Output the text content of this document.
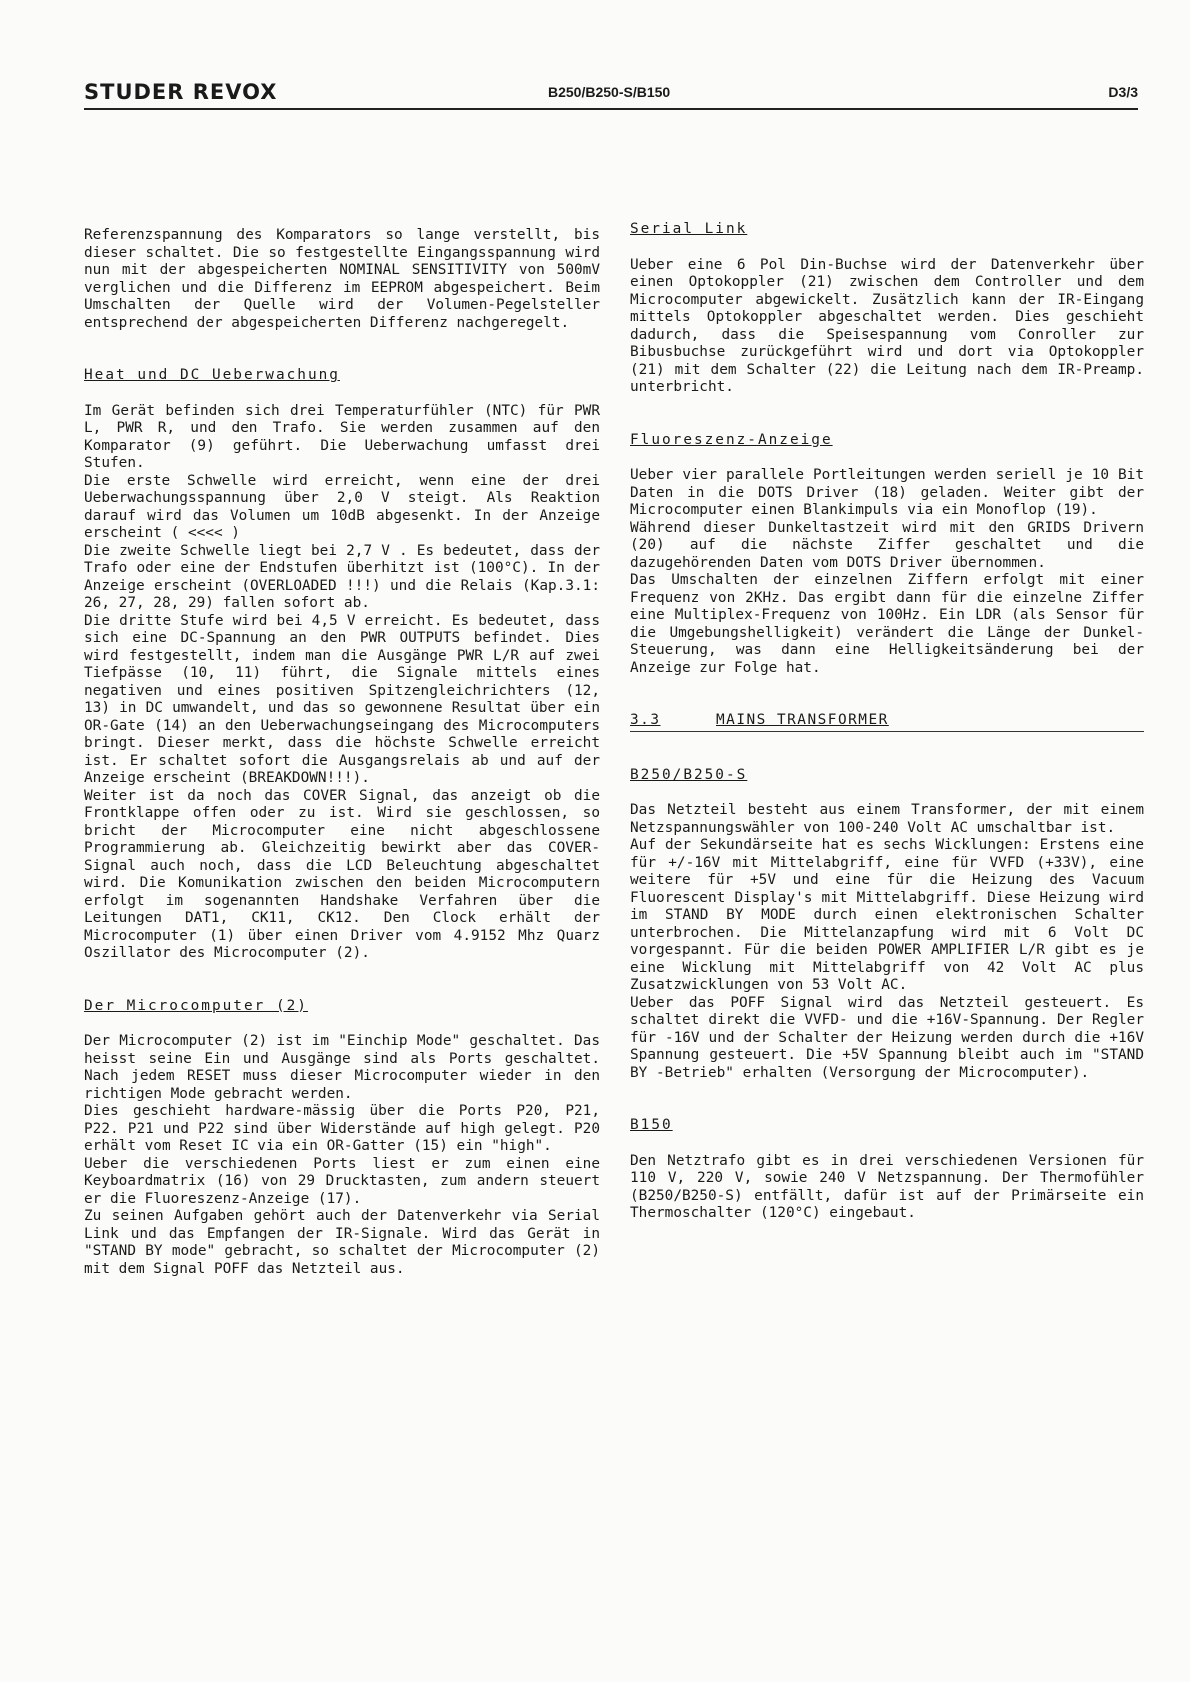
STUDER REVOX	B250/B250-S/B150	D3/3

Referenzspannung des Komparators so lange verstellt, bis dieser schaltet. Die so festgestellte Eingangsspannung wird nun mit der abgespeicherten NOMINAL SENSITIVITY von 500mV verglichen und die Differenz im EEPROM abgespeichert. Beim Umschalten der Quelle wird der Volumen-Pegelsteller entsprechend der abgespeicherten Differenz nachgeregelt.

Heat und DC Ueberwachung

Im Gerät befinden sich drei Temperaturfühler (NTC) für PWR L, PWR R, und den Trafo. Sie werden zusammen auf den Komparator (9) geführt. Die Ueberwachung umfasst drei Stufen.

Die erste Schwelle wird erreicht, wenn eine der drei Ueberwachungsspannung über 2,0 V steigt. Als Reaktion darauf wird das Volumen um 10dB abgesenkt. In der Anzeige erscheint ( <<<< )

Die zweite Schwelle liegt bei 2,7 V . Es bedeutet, dass der Trafo oder eine der Endstufen überhitzt ist (100°C). In der Anzeige erscheint (OVERLOADED !!!) und die Relais (Kap.3.1: 26, 27, 28, 29) fallen sofort ab.

Die dritte Stufe wird bei 4,5 V erreicht. Es bedeutet, dass sich eine DC-Spannung an den PWR OUTPUTS befindet. Dies wird festgestellt, indem man die Ausgänge PWR L/R auf zwei Tiefpässe (10, 11) führt, die Signale mittels eines negativen und eines positiven Spitzengleichrichters (12, 13) in DC umwandelt, und das so gewonnene Resultat über ein OR-Gate (14) an den Ueberwachungseingang des Microcomputers bringt. Dieser merkt, dass die höchste Schwelle erreicht ist. Er schaltet sofort die Ausgangsrelais ab und auf der Anzeige erscheint (BREAKDOWN!!!).

Weiter ist da noch das COVER Signal, das anzeigt ob die Frontklappe offen oder zu ist. Wird sie geschlossen, so bricht der Microcomputer eine nicht abgeschlossene Programmierung ab. Gleichzeitig bewirkt aber das COVER-Signal auch noch, dass die LCD Beleuchtung abgeschaltet wird. Die Komunikation zwischen den beiden Microcomputern erfolgt im sogenannten Handshake Verfahren über die Leitungen DAT1, CK11, CK12. Den Clock erhält der Microcomputer (1) über einen Driver vom 4.9152 Mhz Quarz Oszillator des Microcomputer (2).

Der Microcomputer (2)

Der Microcomputer (2) ist im "Einchip Mode" geschaltet. Das heisst seine Ein und Ausgänge sind als Ports geschaltet. Nach jedem RESET muss dieser Microcomputer wieder in den richtigen Mode gebracht werden.

Dies geschieht hardware-mässig über die Ports P20, P21, P22. P21 und P22 sind über Widerstände auf high gelegt. P20 erhält vom Reset IC via ein OR-Gatter (15) ein "high".

Ueber die verschiedenen Ports liest er zum einen eine Keyboardmatrix (16) von 29 Drucktasten, zum andern steuert er die Fluoreszenz-Anzeige (17).

Zu seinen Aufgaben gehört auch der Datenverkehr via Serial Link und das Empfangen der IR-Signale. Wird das Gerät in "STAND BY mode" gebracht, so schaltet der Microcomputer (2) mit dem Signal POFF das Netzteil aus.

Serial Link

Ueber eine 6 Pol Din-Buchse wird der Datenverkehr über einen Optokoppler (21) zwischen dem Controller und dem Microcomputer abgewickelt. Zusätzlich kann der IR-Eingang mittels Optokoppler abgeschaltet werden. Dies geschieht dadurch, dass die Speisespannung vom Conroller zur Bibusbuchse zurückgeführt wird und dort via Optokoppler (21) mit dem Schalter (22) die Leitung nach dem IR-Preamp. unterbricht.

Fluoreszenz-Anzeige

Ueber vier parallele Portleitungen werden seriell je 10 Bit Daten in die DOTS Driver (18) geladen. Weiter gibt der Microcomputer einen Blankimpuls via ein Monoflop (19).

Während dieser Dunkeltastzeit wird mit den GRIDS Drivern (20) auf die nächste Ziffer geschaltet und die dazugehörenden Daten vom DOTS Driver übernommen.

Das Umschalten der einzelnen Ziffern erfolgt mit einer Frequenz von 2KHz. Das ergibt dann für die einzelne Ziffer eine Multiplex-Frequenz von 100Hz. Ein LDR (als Sensor für die Umgebungshelligkeit) verändert die Länge der Dunkel-Steuerung, was dann eine Helligkeitsänderung bei der Anzeige zur Folge hat.

3.3	MAINS TRANSFORMER

B250/B250-S

Das Netzteil besteht aus einem Transformer, der mit einem Netzspannungswähler von 100-240 Volt AC umschaltbar ist.

Auf der Sekundärseite hat es sechs Wicklungen: Erstens eine für +/-16V mit Mittelabgriff, eine für VVFD (+33V), eine weitere für +5V und eine für die Heizung des Vacuum Fluorescent Display's mit Mittelabgriff. Diese Heizung wird im STAND BY MODE durch einen elektronischen Schalter unterbrochen. Die Mittelanzapfung wird mit 6 Volt DC vorgespannt. Für die beiden POWER AMPLIFIER L/R gibt es je eine Wicklung mit Mittelabgriff von 42 Volt AC plus Zusatzwicklungen von 53 Volt AC.

Ueber das POFF Signal wird das Netzteil gesteuert. Es schaltet direkt die VVFD- und die +16V-Spannung. Der Regler für -16V und der Schalter der Heizung werden durch die +16V Spannung gesteuert. Die +5V Spannung bleibt auch im "STAND BY -Betrieb" erhalten (Versorgung der Microcomputer).

B150

Den Netztrafo gibt es in drei verschiedenen Versionen für 110 V, 220 V, sowie 240 V Netzspannung. Der Thermofühler (B250/B250-S) entfällt, dafür ist auf der Primärseite ein Thermoschalter (120°C) eingebaut.
